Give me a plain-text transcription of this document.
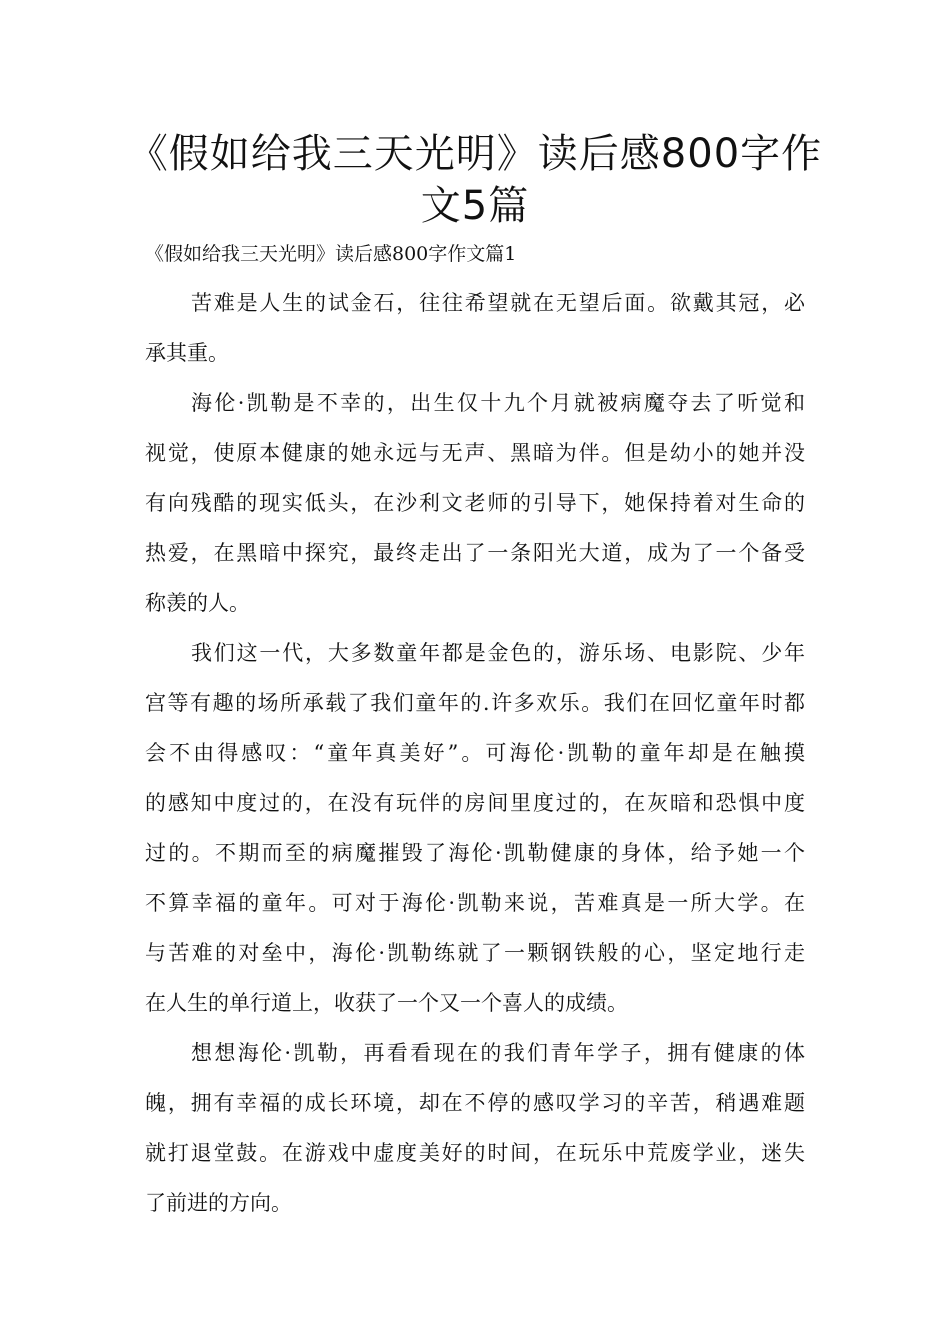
《假如给我三天光明》读后感800字作
文5篇

《假如给我三天光明》读后感800字作文篇1

苦难是人生的试金石，往往希望就在无望后面。欲戴其冠，必
承其重。
海伦·凯勒是不幸的，出生仅十九个月就被病魔夺去了听觉和
视觉，使原本健康的她永远与无声、黑暗为伴。但是幼小的她并没
有向残酷的现实低头，在沙利文老师的引导下，她保持着对生命的
热爱，在黑暗中探究，最终走出了一条阳光大道，成为了一个备受
称羡的人。
我们这一代，大多数童年都是金色的，游乐场、电影院、少年
宫等有趣的场所承载了我们童年的.许多欢乐。我们在回忆童年时都
会不由得感叹：“童年真美好”。可海伦·凯勒的童年却是在触摸
的感知中度过的，在没有玩伴的房间里度过的，在灰暗和恐惧中度
过的。不期而至的病魔摧毁了海伦·凯勒健康的身体，给予她一个
不算幸福的童年。可对于海伦·凯勒来说，苦难真是一所大学。在
与苦难的对垒中，海伦·凯勒练就了一颗钢铁般的心，坚定地行走
在人生的单行道上，收获了一个又一个喜人的成绩。
想想海伦·凯勒，再看看现在的我们青年学子，拥有健康的体
魄，拥有幸福的成长环境，却在不停的感叹学习的辛苦，稍遇难题
就打退堂鼓。在游戏中虚度美好的时间，在玩乐中荒废学业，迷失
了前进的方向。
